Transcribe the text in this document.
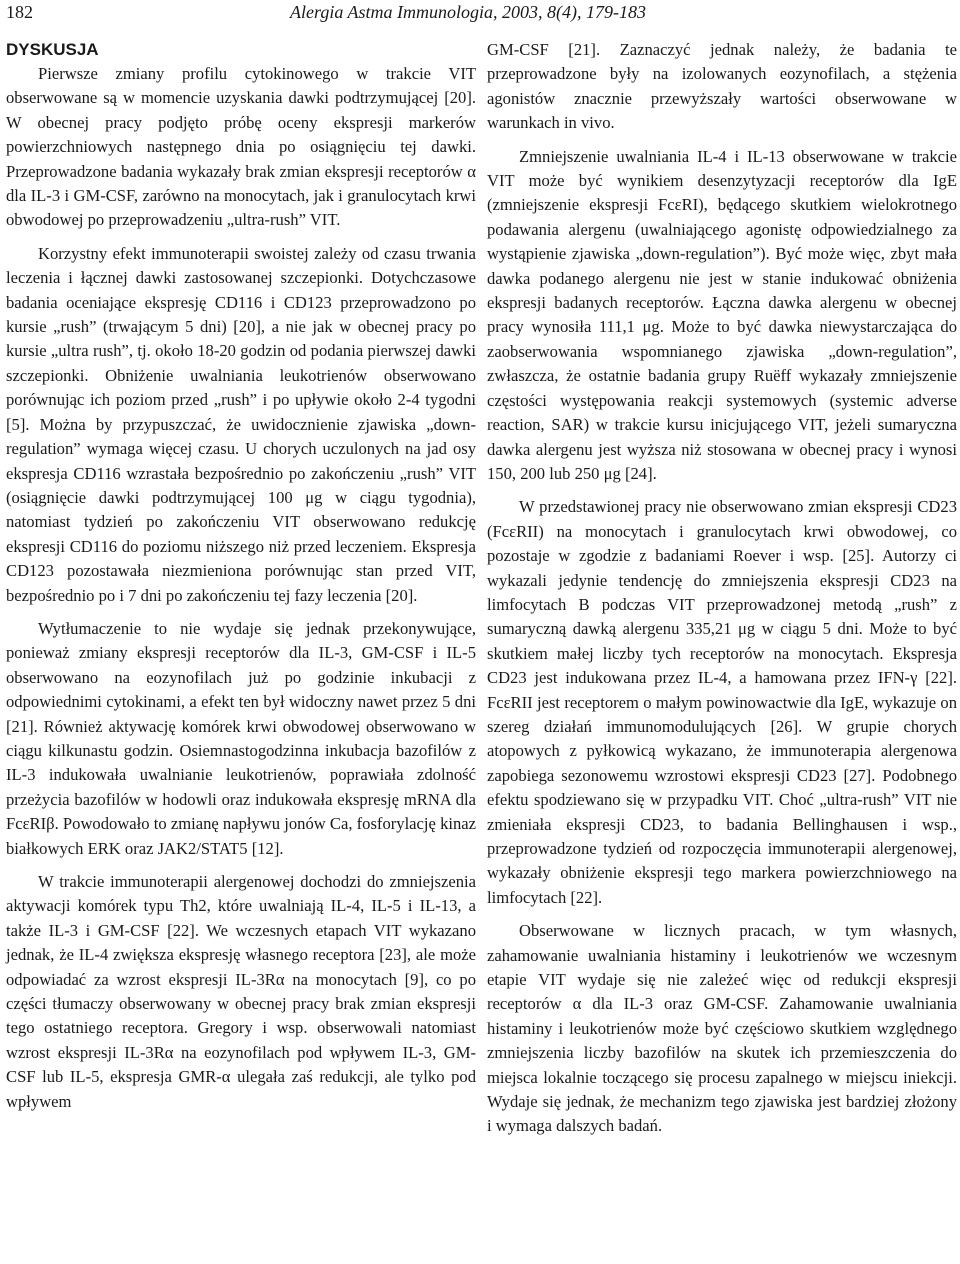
182	Alergia Astma Immunologia, 2003, 8(4), 179-183
DYSKUSJA

Pierwsze zmiany profilu cytokinowego w trakcie VIT obserwowane są w momencie uzyskania dawki podtrzymującej [20]. W obecnej pracy podjęto próbę oceny ekspresji markerów powierzchniowych następnego dnia po osiągnięciu tej dawki. Przeprowadzone badania wykazały brak zmian ekspresji receptorów α dla IL-3 i GM-CSF, zarówno na monocytach, jak i granulocytach krwi obwodowej po przeprowadzeniu „ultra-rush” VIT.

Korzystny efekt immunoterapii swoistej zależy od czasu trwania leczenia i łącznej dawki zastosowanej szczepionki. Dotychczasowe badania oceniające ekspresję CD116 i CD123 przeprowadzono po kursie „rush” (trwającym 5 dni) [20], a nie jak w obecnej pracy po kursie „ultra rush”, tj. około 18-20 godzin od podania pierwszej dawki szczepionki. Obniżenie uwalniania leukotrienów obserwowano porównując ich poziom przed „rush” i po upływie około 2-4 tygodni [5]. Można by przypuszczać, że uwidocznienie zjawiska „down-regulation” wymaga więcej czasu. U chorych uczulonych na jad osy ekspresja CD116 wzrastała bezpośrednio po zakończeniu „rush” VIT (osiągnięcie dawki podtrzymującej 100 μg w ciągu tygodnia), natomiast tydzień po zakończeniu VIT obserwowano redukcję ekspresji CD116 do poziomu niższego niż przed leczeniem. Ekspresja CD123 pozostawała niezmieniona porównując stan przed VIT, bezpośrednio po i 7 dni po zakończeniu tej fazy leczenia [20].

Wytłumaczenie to nie wydaje się jednak przekonywujące, ponieważ zmiany ekspresji receptorów dla IL-3, GM-CSF i IL-5 obserwowano na eozynofilach już po godzinie inkubacji z odpowiednimi cytokinami, a efekt ten był widoczny nawet przez 5 dni [21]. Również aktywację komórek krwi obwodowej obserwowano w ciągu kilkunastu godzin. Osiemnastogodzinna inkubacja bazofilów z IL-3 indukowała uwalnianie leukotrienów, poprawiała zdolność przeżycia bazofilów w hodowli oraz indukowała ekspresję mRNA dla FcεRIβ. Powodowało to zmianę napływu jonów Ca, fosforylację kinaz białkowych ERK oraz JAK2/STAT5 [12].

W trakcie immunoterapii alergenowej dochodzi do zmniejszenia aktywacji komórek typu Th2, które uwalniają IL-4, IL-5 i IL-13, a także IL-3 i GM-CSF [22]. We wczesnych etapach VIT wykazano jednak, że IL-4 zwiększa ekspresję własnego receptora [23], ale może odpowiadać za wzrost ekspresji IL-3Rα na monocytach [9], co po części tłumaczy obserwowany w obecnej pracy brak zmian ekspresji tego ostatniego receptora. Gregory i wsp. obserwowali natomiast wzrost ekspresji IL-3Rα na eozynofilach pod wpływem IL-3, GM-CSF lub IL-5, ekspresja GMR-α ulegała zaś redukcji, ale tylko pod wpływem

GM-CSF [21]. Zaznaczyć jednak należy, że badania te przeprowadzone były na izolowanych eozynofilach, a stężenia agonistów znacznie przewyższały wartości obserwowane w warunkach in vivo.

Zmniejszenie uwalniania IL-4 i IL-13 obserwowane w trakcie VIT może być wynikiem desenzytyzacji receptorów dla IgE (zmniejszenie ekspresji FcεRI), będącego skutkiem wielokrotnego podawania alergenu (uwalniającego agonistę odpowiedzialnego za wystąpienie zjawiska „down-regulation”). Być może więc, zbyt mała dawka podanego alergenu nie jest w stanie indukować obniżenia ekspresji badanych receptorów. Łączna dawka alergenu w obecnej pracy wynosiła 111,1 μg. Może to być dawka niewystarczająca do zaobserwowania wspomnianego zjawiska „down-regulation”, zwłaszcza, że ostatnie badania grupy Ruëff wykazały zmniejszenie częstości występowania reakcji systemowych (systemic adverse reaction, SAR) w trakcie kursu inicjującego VIT, jeżeli sumaryczna dawka alergenu jest wyższa niż stosowana w obecnej pracy i wynosi 150, 200 lub 250 μg [24].

W przedstawionej pracy nie obserwowano zmian ekspresji CD23 (FcεRII) na monocytach i granulocytach krwi obwodowej, co pozostaje w zgodzie z badaniami Roever i wsp. [25]. Autorzy ci wykazali jedynie tendencję do zmniejszenia ekspresji CD23 na limfocytach B podczas VIT przeprowadzonej metodą „rush” z sumaryczną dawką alergenu 335,21 μg w ciągu 5 dni. Może to być skutkiem małej liczby tych receptorów na monocytach. Ekspresja CD23 jest indukowana przez IL-4, a hamowana przez IFN-γ [22]. FcεRII jest receptorem o małym powinowactwie dla IgE, wykazuje on szereg działań immunomodulujących [26]. W grupie chorych atopowych z pyłkowicą wykazano, że immunoterapia alergenowa zapobiega sezonowemu wzrostowi ekspresji CD23 [27]. Podobnego efektu spodziewano się w przypadku VIT. Choć „ultra-rush” VIT nie zmieniała ekspresji CD23, to badania Bellinghausen i wsp., przeprowadzone tydzień od rozpoczęcia immunoterapii alergenowej, wykazały obniżenie ekspresji tego markera powierzchniowego na limfocytach [22].

Obserwowane w licznych pracach, w tym własnych, zahamowanie uwalniania histaminy i leukotrienów we wczesnym etapie VIT wydaje się nie zależeć więc od redukcji ekspresji receptorów α dla IL-3 oraz GM-CSF. Zahamowanie uwalniania histaminy i leukotrienów może być częściowo skutkiem względnego zmniejszenia liczby bazofilów na skutek ich przemieszczenia do miejsca lokalnie toczącego się procesu zapalnego w miejscu iniekcji. Wydaje się jednak, że mechanizm tego zjawiska jest bardziej złożony i wymaga dalszych badań.
